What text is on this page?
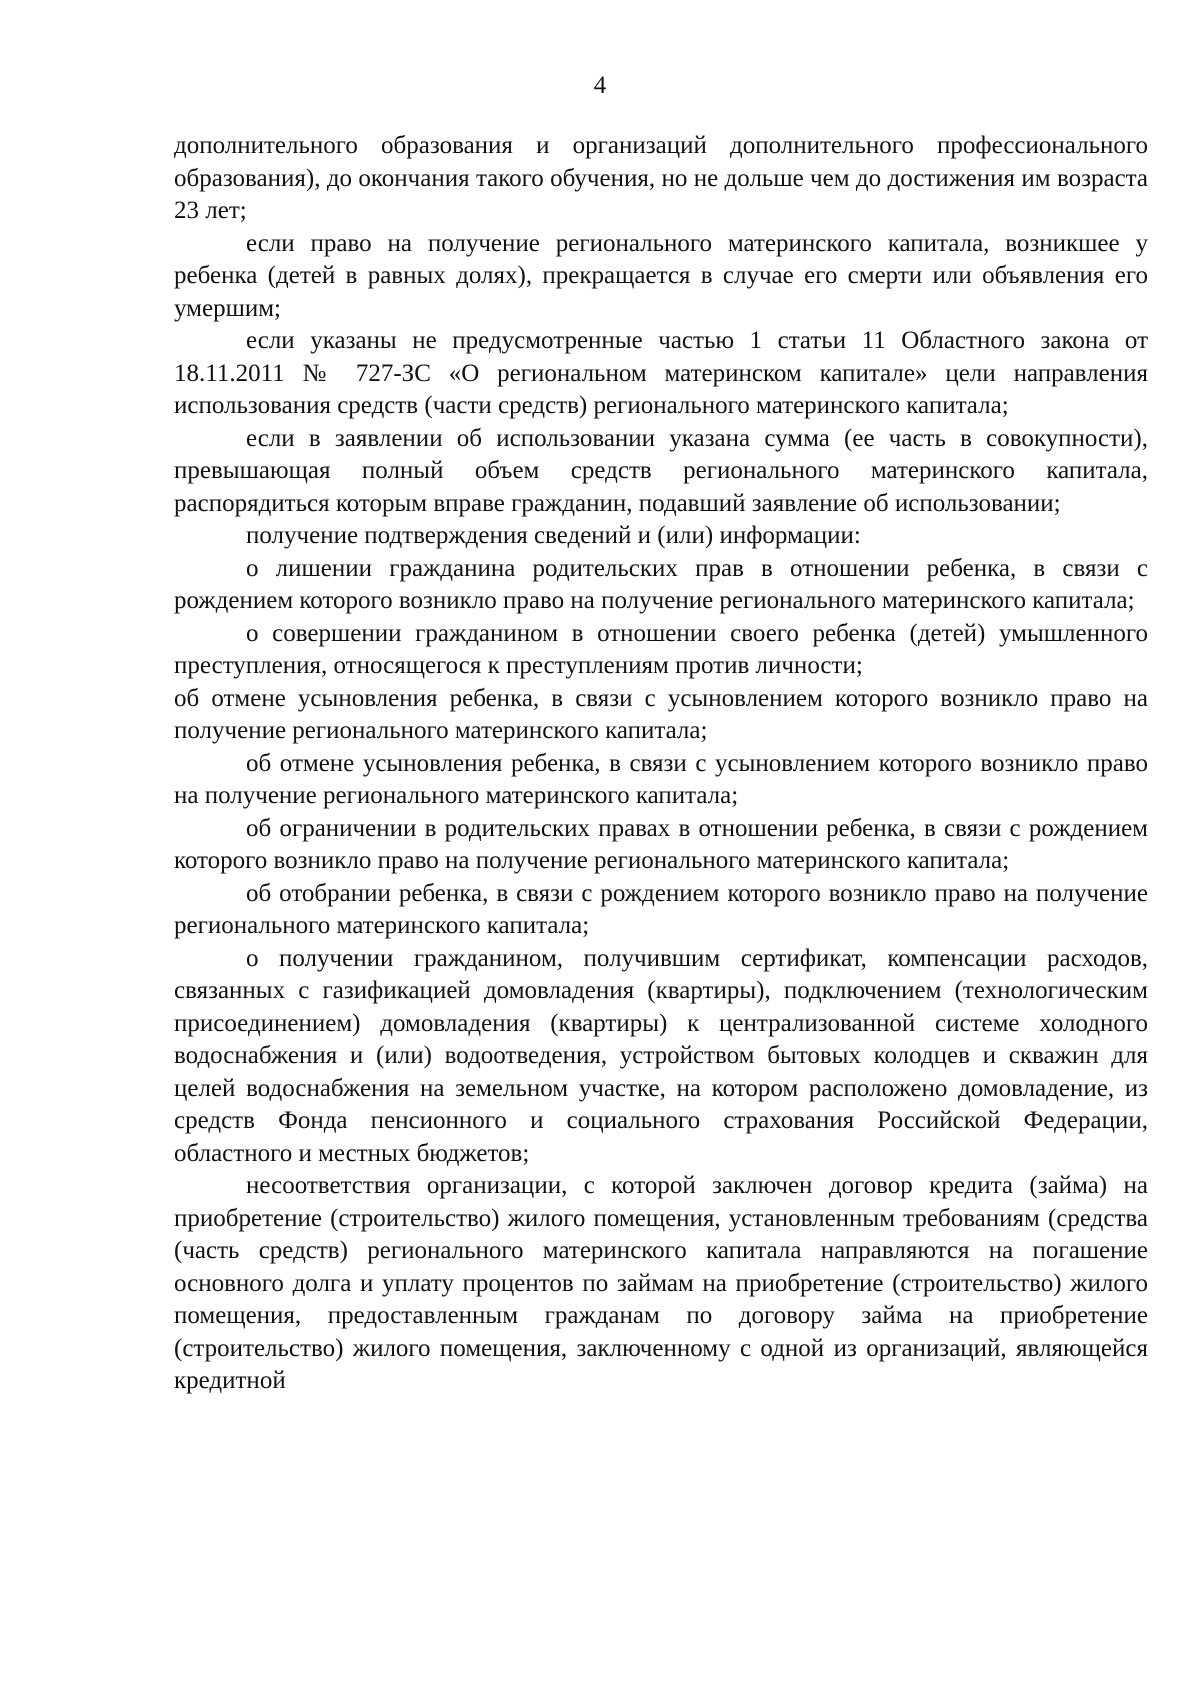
4

дополнительного образования и организаций дополнительного профессионального образования), до окончания такого обучения, но не дольше чем до достижения им возраста 23 лет;

если право на получение регионального материнского капитала, возникшее у ребенка (детей в равных долях), прекращается в случае его смерти или объявления его умершим;

если указаны не предусмотренные частью 1 статьи 11 Областного закона от 18.11.2011 № 727-ЗС «О региональном материнском капитале» цели направления использования средств (части средств) регионального материнского капитала;

если в заявлении об использовании указана сумма (ее часть в совокупности), превышающая полный объем средств регионального материнского капитала, распорядиться которым вправе гражданин, подавший заявление об использовании;

получение подтверждения сведений и (или) информации:

о лишении гражданина родительских прав в отношении ребенка, в связи с рождением которого возникло право на получение регионального материнского капитала;

о совершении гражданином в отношении своего ребенка (детей) умышленного преступления, относящегося к преступлениям против личности;

об отмене усыновления ребенка, в связи с усыновлением которого возникло право на получение регионального материнского капитала;

об отмене усыновления ребенка, в связи с усыновлением которого возникло право на получение регионального материнского капитала;

об ограничении в родительских правах в отношении ребенка, в связи с рождением которого возникло право на получение регионального материнского капитала;

об отобрании ребенка, в связи с рождением которого возникло право на получение регионального материнского капитала;

о получении гражданином, получившим сертификат, компенсации расходов, связанных с газификацией домовладения (квартиры), подключением (технологическим присоединением) домовладения (квартиры) к централизованной системе холодного водоснабжения и (или) водоотведения, устройством бытовых колодцев и скважин для целей водоснабжения на земельном участке, на котором расположено домовладение, из средств Фонда пенсионного и социального страхования Российской Федерации, областного и местных бюджетов;

несоответствия организации, с которой заключен договор кредита (займа) на приобретение (строительство) жилого помещения, установленным требованиям (средства (часть средств) регионального материнского капитала направляются на погашение основного долга и уплату процентов по займам на приобретение (строительство) жилого помещения, предоставленным гражданам по договору займа на приобретение (строительство) жилого помещения, заключенному с одной из организаций, являющейся кредитной
